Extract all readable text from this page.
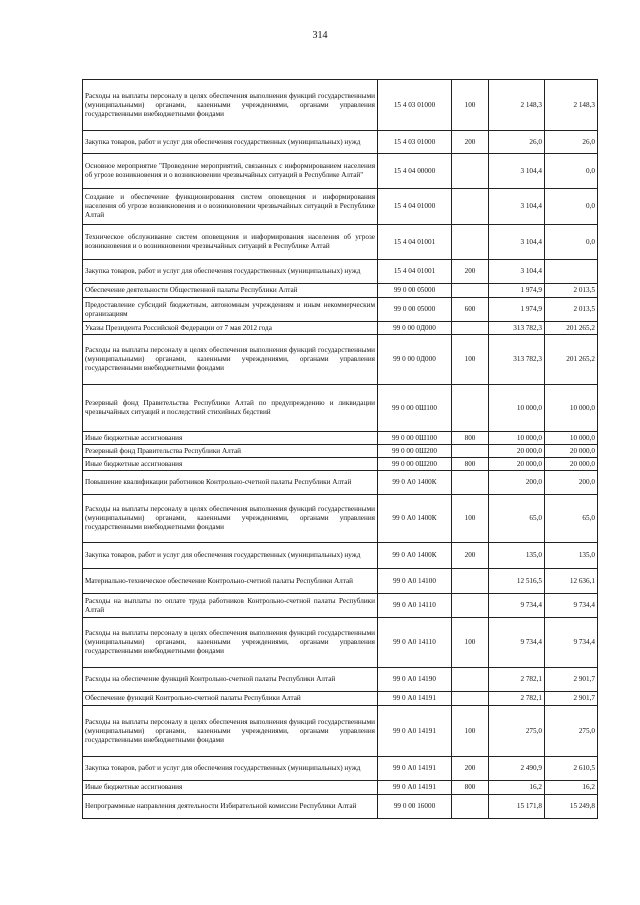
314
Расходы на выплаты персоналу в целях обеспечения выполнения функций государственными (муниципальными) органами, казенными учреждениями, органами управления государственными внебюджетными фондами	15 4 03 01000	100	2 148,3	2 148,3
Закупка товаров, работ и услуг для обеспечения государственных (муниципальных) нужд	15 4 03 01000	200	26,0	26,0
Основное мероприятие "Проведение мероприятий, связанных с информированием населения об угрозе возникновения и о возникновении чрезвычайных ситуаций в Республике Алтай"	15 4 04 00000		3 104,4	0,0
Создание и обеспечение функционирования систем оповещения и информирования населения об угрозе возникновения и о возникновении чрезвычайных ситуаций в Республике Алтай	15 4 04 01000		3 104,4	0,0
Техническое обслуживание систем оповещения и информирования населения об угрозе возникновения и о возникновении чрезвычайных ситуаций в Республике Алтай	15 4 04 01001		3 104,4	0,0
Закупка товаров, работ и услуг для обеспечения государственных (муниципальных) нужд	15 4 04 01001	200	3 104,4	
Обеспечение деятельности Общественной палаты Республики Алтай	99 0 00 05000		1 974,9	2 013,5
Предоставление субсидий бюджетным, автономным учреждениям и иным некоммерческим организациям	99 0 00 05000	600	1 974,9	2 013,5
Указы Президента Российской Федерации от 7 мая 2012 года	99 0 00 0Д000		313 782,3	201 265,2
Расходы на выплаты персоналу в целях обеспечения выполнения функций государственными (муниципальными) органами, казенными учреждениями, органами управления государственными внебюджетными фондами	99 0 00 0Д000	100	313 782,3	201 265,2
Резервный фонд Правительства Республики Алтай по предупреждению и ликвидации чрезвычайных ситуаций и последствий стихийных бедствий	99 0 00 0Ш100		10 000,0	10 000,0
Иные бюджетные ассигнования	99 0 00 0Ш100	800	10 000,0	10 000,0
Резервный фонд Правительства Республики Алтай	99 0 00 0Ш200		20 000,0	20 000,0
Иные бюджетные ассигнования	99 0 00 0Ш200	800	20 000,0	20 000,0
Повышение квалификации работников Контрольно-счетной палаты Республики Алтай	99 0 А0 1400К		200,0	200,0
Расходы на выплаты персоналу в целях обеспечения выполнения функций государственными (муниципальными) органами, казенными учреждениями, органами управления государственными внебюджетными фондами	99 0 А0 1400К	100	65,0	65,0
Закупка товаров, работ и услуг для обеспечения государственных (муниципальных) нужд	99 0 А0 1400К	200	135,0	135,0
Материально-техническое обеспечение Контрольно-счетной палаты Республики Алтай	99 0 А0 14100		12 516,5	12 636,1
Расходы на выплаты по оплате труда работников Контрольно-счетной палаты Республики Алтай	99 0 А0 14110		9 734,4	9 734,4
Расходы на выплаты персоналу в целях обеспечения выполнения функций государственными (муниципальными) органами, казенными учреждениями, органами управления государственными внебюджетными фондами	99 0 А0 14110	100	9 734,4	9 734,4
Расходы на обеспечение функций Контрольно-счетной палаты Республики Алтай	99 0 А0 14190		2 782,1	2 901,7
Обеспечение функций Контрольно-счетной палаты Республики Алтай	99 0 А0 14191		2 782,1	2 901,7
Расходы на выплаты персоналу в целях обеспечения выполнения функций государственными (муниципальными) органами, казенными учреждениями, органами управления государственными внебюджетными фондами	99 0 А0 14191	100	275,0	275,0
Закупка товаров, работ и услуг для обеспечения государственных (муниципальных) нужд	99 0 А0 14191	200	2 490,9	2 610,5
Иные бюджетные ассигнования	99 0 А0 14191	800	16,2	16,2
Непрограммные направления деятельности Избирательной комиссии Республики Алтай	99 0 00 16000		15 171,8	15 249,8
